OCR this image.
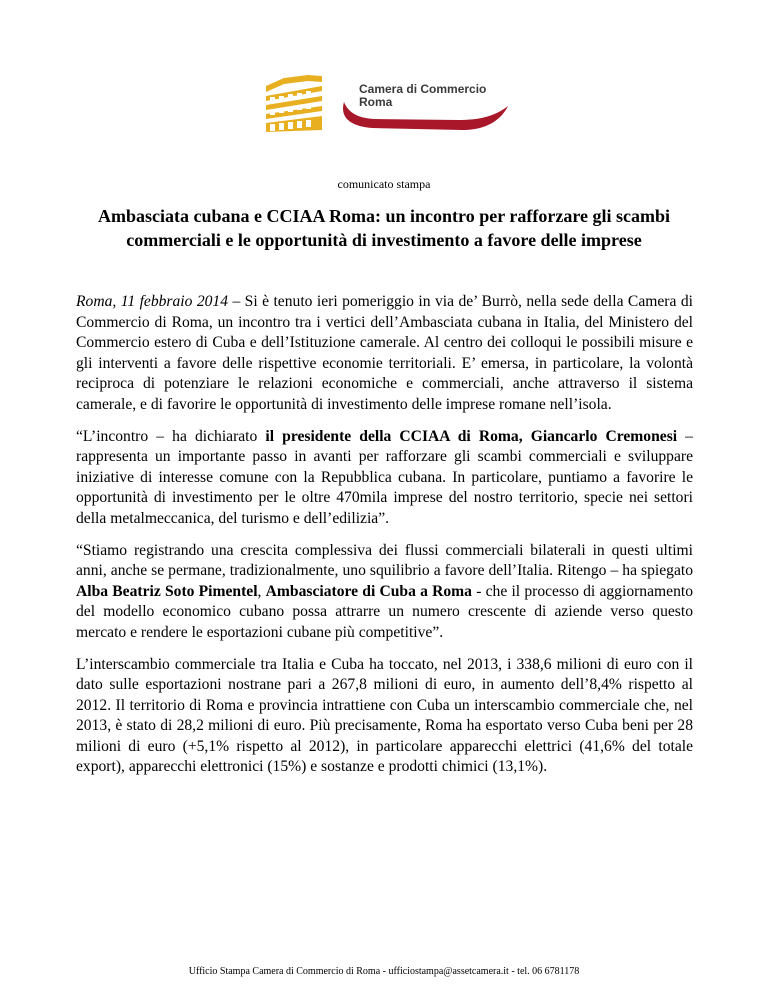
Camera di Commercio
Roma
comunicato stampa
Ambasciata cubana e CCIAA Roma: un incontro per rafforzare gli scambi
commerciali e le opportunità di investimento a favore delle imprese

Roma, 11 febbraio 2014 – Si è tenuto ieri pomeriggio in via de’ Burrò, nella sede della Camera di Commercio di Roma, un incontro tra i vertici dell’Ambasciata cubana in Italia, del Ministero del Commercio estero di Cuba e dell’Istituzione camerale. Al centro dei colloqui le possibili misure e gli interventi a favore delle rispettive economie territoriali. E’ emersa, in particolare, la volontà reciproca di potenziare le relazioni economiche e commerciali, anche attraverso il sistema camerale, e di favorire le opportunità di investimento delle imprese romane nell’isola.

“L’incontro – ha dichiarato il presidente della CCIAA di Roma, Giancarlo Cremonesi – rappresenta un importante passo in avanti per rafforzare gli scambi commerciali e sviluppare iniziative di interesse comune con la Repubblica cubana. In particolare, puntiamo a favorire le opportunità di investimento per le oltre 470mila imprese del nostro territorio, specie nei settori della metalmeccanica, del turismo e dell’edilizia”.

“Stiamo registrando una crescita complessiva dei flussi commerciali bilaterali in questi ultimi anni, anche se permane, tradizionalmente, uno squilibrio a favore dell’Italia. Ritengo – ha spiegato Alba Beatriz Soto Pimentel, Ambasciatore di Cuba a Roma - che il processo di aggiornamento del modello economico cubano possa attrarre un numero crescente di aziende verso questo mercato e rendere le esportazioni cubane più competitive”.

L’interscambio commerciale tra Italia e Cuba ha toccato, nel 2013, i 338,6 milioni di euro con il dato sulle esportazioni nostrane pari a 267,8 milioni di euro, in aumento dell’8,4% rispetto al 2012. Il territorio di Roma e provincia intrattiene con Cuba un interscambio commerciale che, nel 2013, è stato di 28,2 milioni di euro. Più precisamente, Roma ha esportato verso Cuba beni per 28 milioni di euro (+5,1% rispetto al 2012), in particolare apparecchi elettrici (41,6% del totale export), apparecchi elettronici (15%) e sostanze e prodotti chimici (13,1%).

Ufficio Stampa Camera di Commercio di Roma - ufficiostampa@assetcamera.it - tel. 06 6781178
